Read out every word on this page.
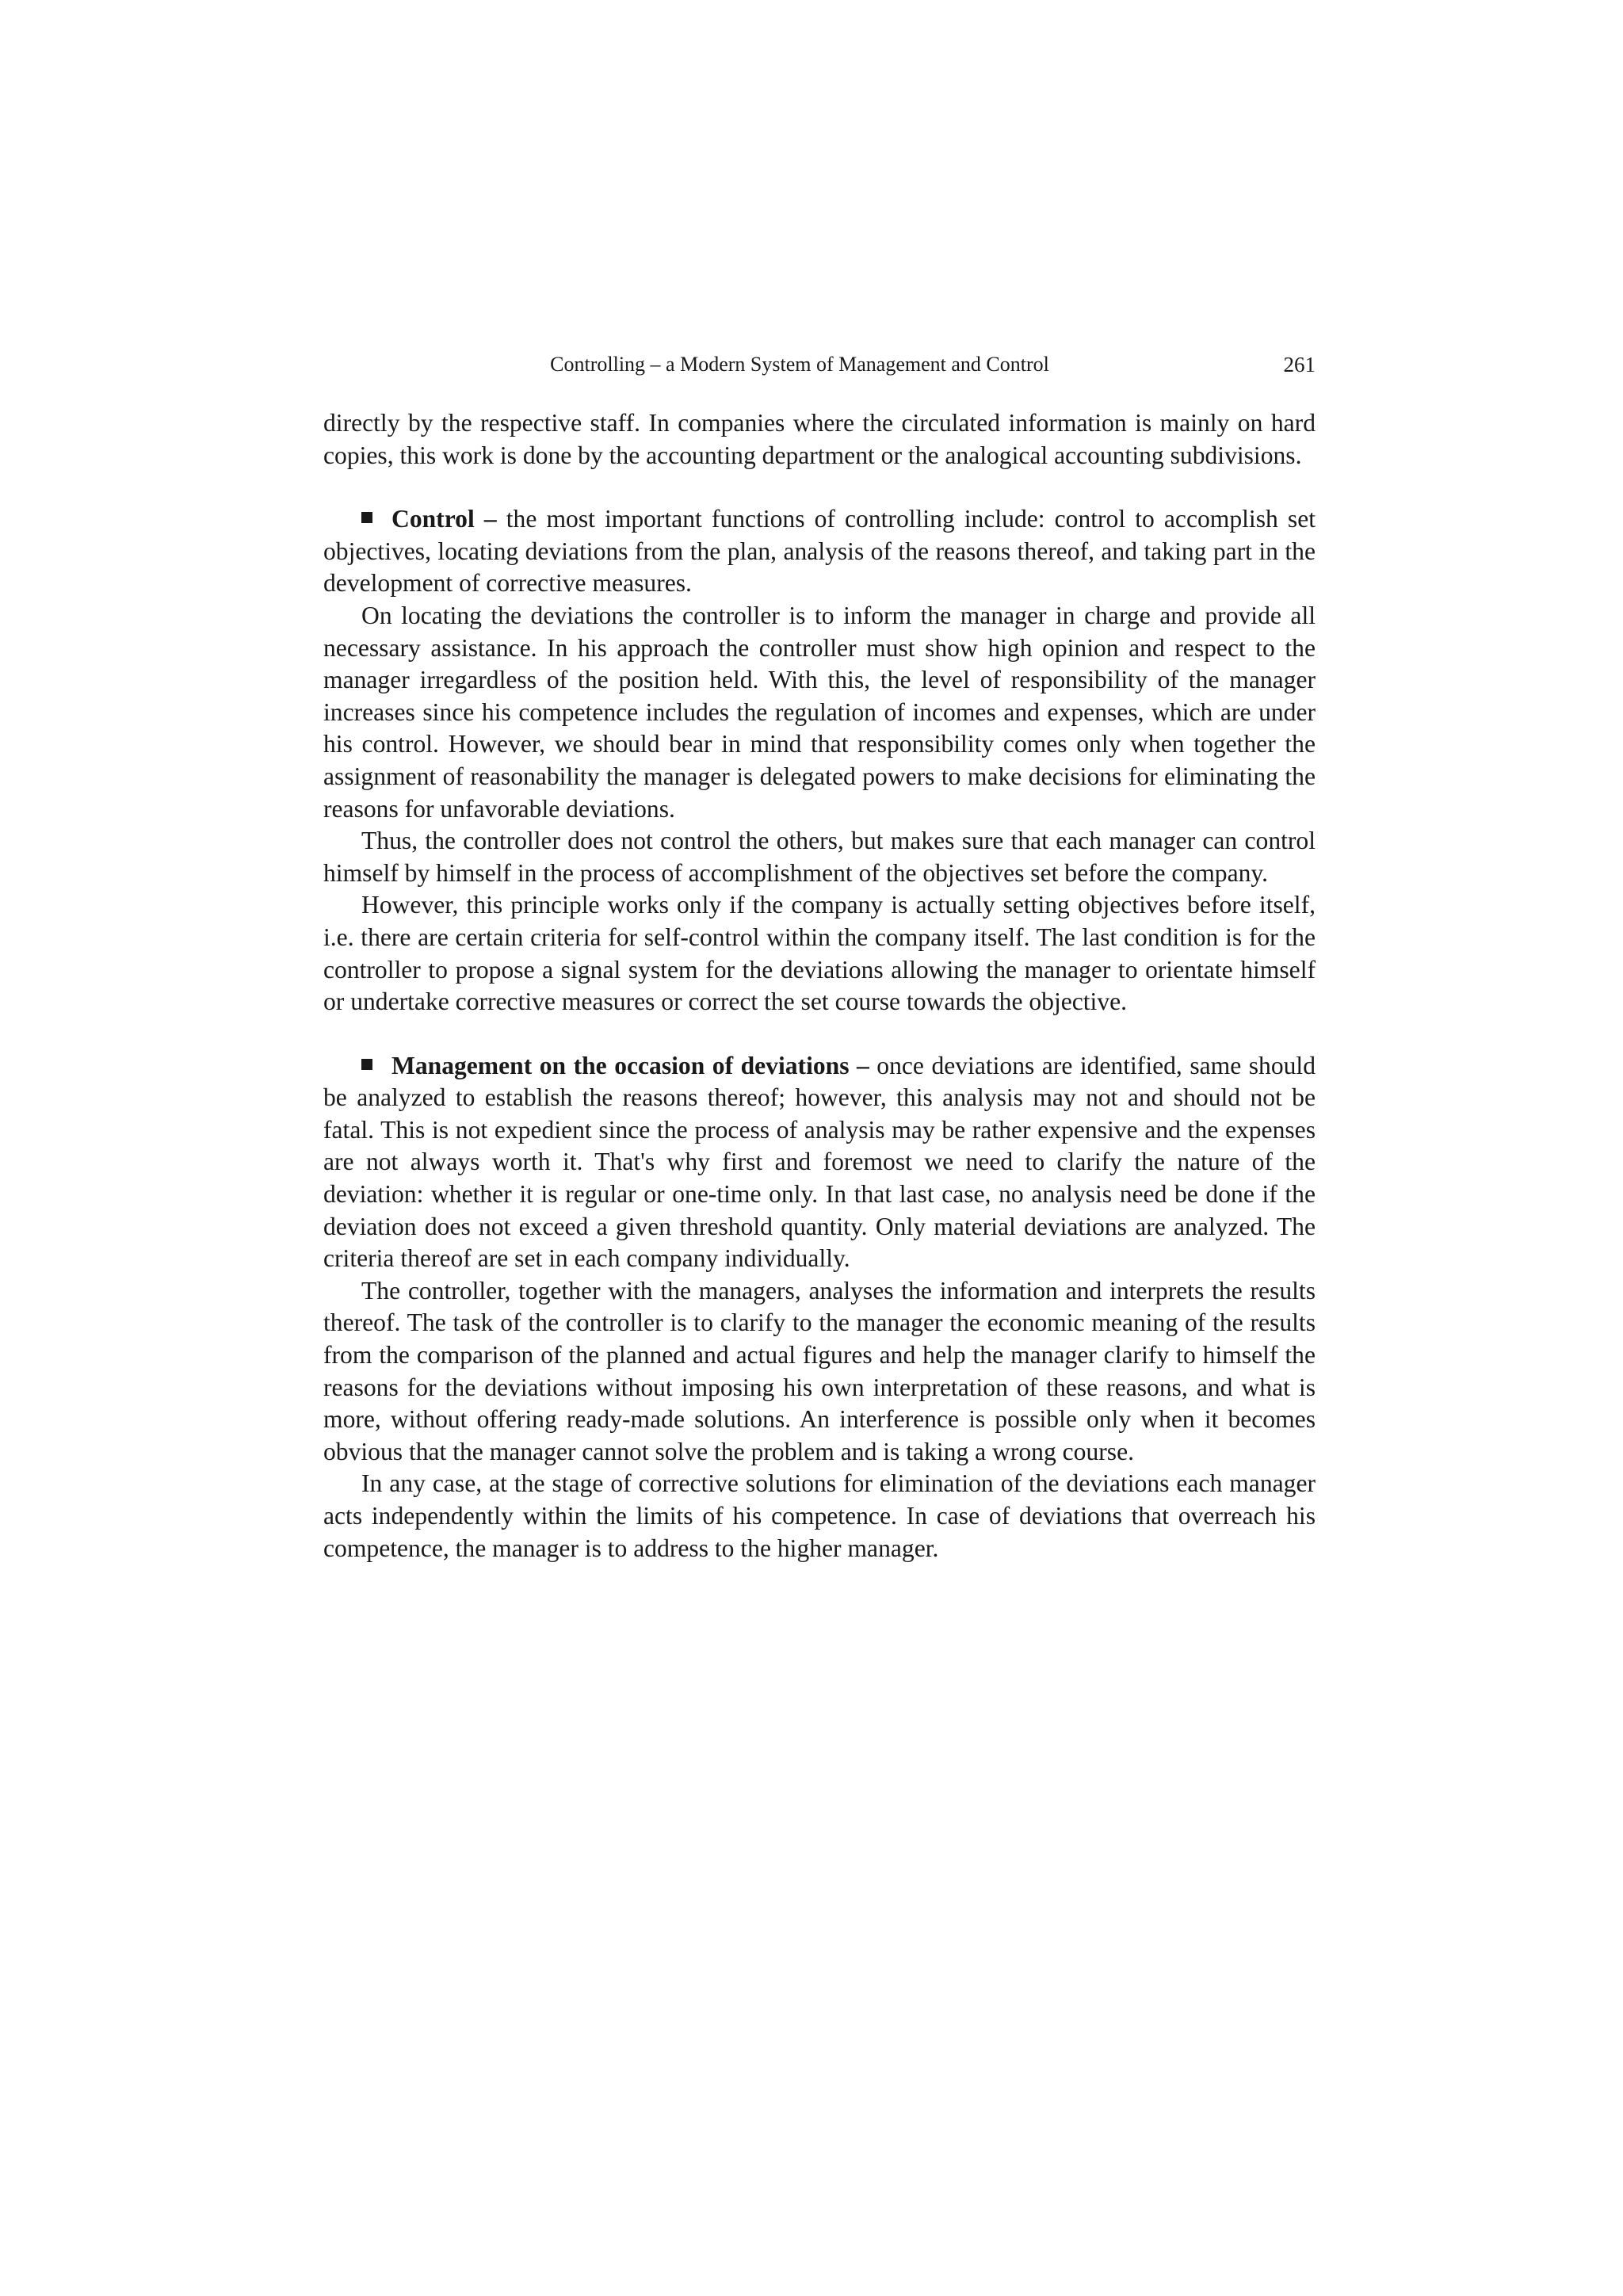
Controlling – a Modern System of Management and Control	261

directly by the respective staff. In companies where the circulated information is mainly on hard copies, this work is done by the accounting department or the analogical accounting subdivisions.

Control – the most important functions of controlling include: control to accomplish set objectives, locating deviations from the plan, analysis of the reasons thereof, and taking part in the development of corrective measures.

On locating the deviations the controller is to inform the manager in charge and provide all necessary assistance. In his approach the controller must show high opinion and respect to the manager irregardless of the position held. With this, the level of responsibility of the manager increases since his competence includes the regulation of incomes and expenses, which are under his control. However, we should bear in mind that responsibility comes only when together the assignment of reasonability the manager is delegated powers to make decisions for eliminating the reasons for unfavorable deviations.

Thus, the controller does not control the others, but makes sure that each manager can control himself by himself in the process of accomplishment of the objectives set before the company.

However, this principle works only if the company is actually setting objectives before itself, i.e. there are certain criteria for self-control within the company itself. The last condition is for the controller to propose a signal system for the deviations allowing the manager to orientate himself or undertake corrective measures or correct the set course towards the objective.

Management on the occasion of deviations – once deviations are identified, same should be analyzed to establish the reasons thereof; however, this analysis may not and should not be fatal. This is not expedient since the process of analysis may be rather expensive and the expenses are not always worth it. That's why first and foremost we need to clarify the nature of the deviation: whether it is regular or one-time only. In that last case, no analysis need be done if the deviation does not exceed a given threshold quantity. Only material deviations are analyzed. The criteria thereof are set in each company individually.

The controller, together with the managers, analyses the information and interprets the results thereof. The task of the controller is to clarify to the manager the economic meaning of the results from the comparison of the planned and actual figures and help the manager clarify to himself the reasons for the deviations without imposing his own interpretation of these reasons, and what is more, without offering ready-made solutions. An interference is possible only when it becomes obvious that the manager cannot solve the problem and is taking a wrong course.

In any case, at the stage of corrective solutions for elimination of the deviations each manager acts independently within the limits of his competence. In case of deviations that overreach his competence, the manager is to address to the higher manager.
